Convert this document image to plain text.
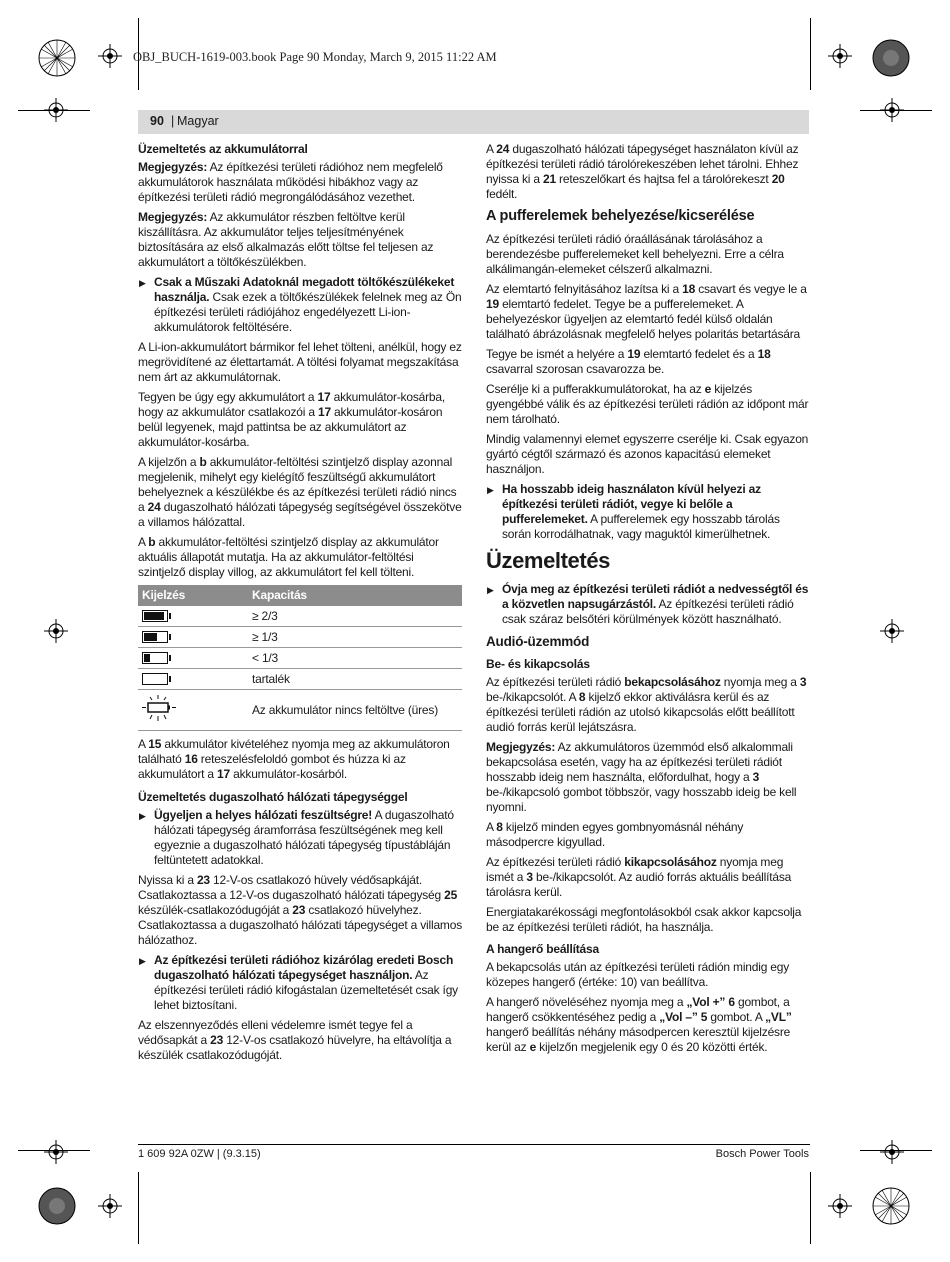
OBJ_BUCH-1619-003.book Page 90 Monday, March 9, 2015 11:22 AM
90 | Magyar
Üzemeltetés az akkumulátorral

Megjegyzés: Az építkezési területi rádióhoz nem megfelelő akkumulátorok használata működési hibákhoz vagy az építkezési területi rádió megrongálódásához vezethet.

Megjegyzés: Az akkumulátor részben feltöltve kerül kiszállításra. Az akkumulátor teljes teljesítményének biztosítására az első alkalmazás előtt töltse fel teljesen az akkumulátort a töltőkészülékben.

▶ Csak a Műszaki Adatoknál megadott töltőkészülékeket használja. Csak ezek a töltőkészülékek felelnek meg az Ön építkezési területi rádiójához engedélyezett Li-ion-akkumulátorok feltöltésére.

A Li-ion-akkumulátort bármikor fel lehet tölteni, anélkül, hogy ez megrövidítené az élettartamát. A töltési folyamat megszakítása nem árt az akkumulátornak.

Tegyen be úgy egy akkumulátort a 17 akkumulátor-kosárba, hogy az akkumulátor csatlakozói a 17 akkumulátor-kosáron belül legyenek, majd pattintsa be az akkumulátort az akkumulátor-kosárba.

A kijelzőn a b akkumulátor-feltöltési szintjelző display azonnal megjelenik, mihelyt egy kielégítő feszültségű akkumulátort behelyeznek a készülékbe és az építkezési területi rádió nincs a 24 dugaszolható hálózati tápegység segítségével összekötve a villamos hálózattal.

A b akkumulátor-feltöltési szintjelző display az akkumulátor aktuális állapotát mutatja. Ha az akkumulátor-feltöltési szintjelző display villog, az akkumulátort fel kell tölteni.

Kijelzés	Kapacitás

	≥ 2/3

	≥ 1/3

	< 1/3
	tartalék
	Az akkumulátor nincs feltöltve (üres)

A 15 akkumulátor kivételéhez nyomja meg az akkumulátoron található 16 reteszelésfeloldó gombot és húzza ki az akkumulátort a 17 akkumulátor-kosárból.

Üzemeltetés dugaszolható hálózati tápegységgel
▶ Ügyeljen a helyes hálózati feszültségre! A dugaszolható hálózati tápegység áramforrása feszültségének meg kell egyeznie a dugaszolható hálózati tápegység típustábláján feltüntetett adatokkal.

Nyissa ki a 23 12-V-os csatlakozó hüvely védősapkáját. Csatlakoztassa a 12-V-os dugaszolható hálózati tápegység 25 készülék-csatlakozódugóját a 23 csatlakozó hüvelyhez. Csatlakoztassa a dugaszolható hálózati tápegységet a villamos hálózathoz.

▶ Az építkezési területi rádióhoz kizárólag eredeti Bosch dugaszolható hálózati tápegységet használjon. Az építkezési területi rádió kifogástalan üzemeltetését csak így lehet biztosítani.

Az elszennyeződés elleni védelemre ismét tegye fel a védősapkát a 23 12-V-os csatlakozó hüvelyre, ha eltávolítja a készülék csatlakozódugóját.

A 24 dugaszolható hálózati tápegységet használaton kívül az építkezési területi rádió tárolórekeszében lehet tárolni. Ehhez nyissa ki a 21 reteszelőkart és hajtsa fel a tárolórekeszt 20 fedélt.

A pufferelemek behelyezése/kicserélése

Az építkezési területi rádió óraállásának tárolásához a berendezésbe pufferelemeket kell behelyezni. Erre a célra alkálimangán-elemeket célszerű alkalmazni.

Az elemtartó felnyitásához lazítsa ki a 18 csavart és vegye le a 19 elemtartó fedelet. Tegye be a pufferelemeket. A behelyezéskor ügyeljen az elemtartó fedél külső oldalán található ábrázolásnak megfelelő helyes polaritás betartására

Tegye be ismét a helyére a 19 elemtartó fedelet és a 18 csavarral szorosan csavarozza be.

Cserélje ki a pufferakkumulátorokat, ha az e kijelzés gyengébbé válik és az építkezési területi rádión az időpont már nem tárolható.

Mindig valamennyi elemet egyszerre cserélje ki. Csak egyazon gyártó cégtől származó és azonos kapacitású elemeket használjon.

▶ Ha hosszabb ideig használaton kívül helyezi az építkezési területi rádiót, vegye ki belőle a pufferelemeket. A pufferelemek egy hosszabb tárolás során korrodálhatnak, vagy maguktól kimerülhetnek.
Üzemeltetés
▶ Óvja meg az építkezési területi rádiót a nedvességtől és a közvetlen napsugárzástól. Az építkezési területi rádió csak száraz belsőtéri körülmények között használható.
Audió-üzemmód
Be- és kikapcsolás

Az építkezési területi rádió bekapcsolásához nyomja meg a 3 be-/kikapcsolót. A 8 kijelző ekkor aktiválásra kerül és az építkezési területi rádión az utolsó kikapcsolás előtt beállított audió forrás kerül lejátszásra.

Megjegyzés: Az akkumulátoros üzemmód első alkalommali bekapcsolása esetén, vagy ha az építkezési területi rádiót hosszabb ideig nem használta, előfordulhat, hogy a 3 be-/kikapcsoló gombot többször, vagy hosszabb ideig be kell nyomni.

A 8 kijelző minden egyes gombnyomásnál néhány másodpercre kigyullad.

Az építkezési területi rádió kikapcsolásához nyomja meg ismét a 3 be-/kikapcsolót. Az audió forrás aktuális beállítása tárolásra kerül.

Energiatakarékossági megfontolásokból csak akkor kapcsolja be az építkezési területi rádiót, ha használja.

A hangerő beállítása

A bekapcsolás után az építkezési területi rádión mindig egy közepes hangerő (értéke: 10) van beállítva.

A hangerő növeléséhez nyomja meg a „Vol +” 6 gombot, a hangerő csökkentéséhez pedig a „Vol –” 5 gombot. A „VL” hangerő beállítás néhány másodpercen keresztül kijelzésre kerül az e kijelzőn megjelenik egy 0 és 20 közötti érték.

1 609 92A 0ZW | (9.3.15)	Bosch Power Tools
